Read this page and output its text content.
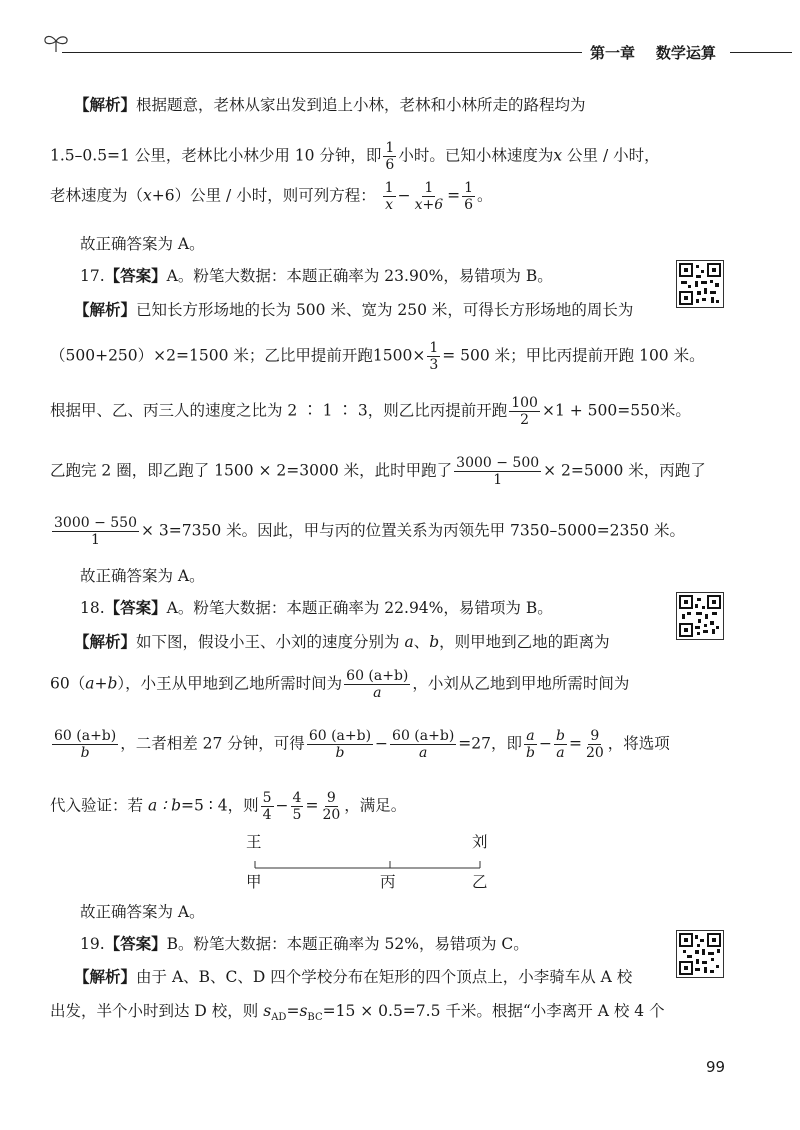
第一章 数学运算
【解析】根据题意，老林从家出发到追上小林，老林和小林所走的路程均为
1.5–0.5=1 公里，老林比小林少用 10 分钟，即 $\frac{1}{6}$ 小时。已知小林速度为x 公里 / 小时，
老林速度为（x+6）公里 / 小时，则可列方程： $\frac{1}{x} - \frac{1}{x+6} = \frac{1}{6}$ 。
故正确答案为 A。
17.【答案】A。粉笔大数据：本题正确率为 23.90%，易错项为 B。
【解析】已知长方形场地的长为 500 米、宽为 250 米，可得长方形场地的周长为
（500+250）×2=1500 米；乙比甲提前开跑$1500\times \frac{1}{3} = 500$ 米；甲比丙提前开跑 100 米。
根据甲、乙、丙三人的速度之比为 2 ∶ 1 ∶ 3，则乙比丙提前开跑 $\frac{100}{2} \times 1 + 500=550$米。
乙跑完 2 圈，即乙跑了 1500 × 2=3000 米，此时甲跑了 $\frac{3000 - 500}{1} \times 2=5000$ 米，丙跑了
$\frac{3000 - 550}{1} \times 3=7350$ 米。因此，甲与丙的位置关系为丙领先甲 7350–5000=2350 米。
故正确答案为 A。
18.【答案】A。粉笔大数据：本题正确率为 22.94%，易错项为 B。
【解析】如下图，假设小王、小刘的速度分别为 a、b，则甲地到乙地的距离为
60（a+b），小王从甲地到乙地所需时间为 $\frac{60 (a+b)}{a}$ ，小刘从乙地到甲地所需时间为
$\frac{60 (a+b)}{b}$ ，二者相差 27 分钟，可得 $\frac{60 (a+b)}{b} - \frac{60 (a+b)}{a} =27$，即 $\frac{a}{b} - \frac{b}{a} = \frac{9}{20}$ ，将选项
代入验证：若 a ∶ b=5 ∶ 4，则 $\frac{5}{4} - \frac{4}{5} = \frac{9}{20}$ ，满足。
王	刘
甲	丙	乙
故正确答案为 A。
19.【答案】B。粉笔大数据：本题正确率为 52%，易错项为 C。
【解析】由于 A、B、C、D 四个学校分布在矩形的四个顶点上，小李骑车从 A 校
出发，半个小时到达 D 校，则 $s_{AD}=s_{BC}=15 \times 0.5=7.5$ 千米。根据“小李离开 A 校 4 个
99
